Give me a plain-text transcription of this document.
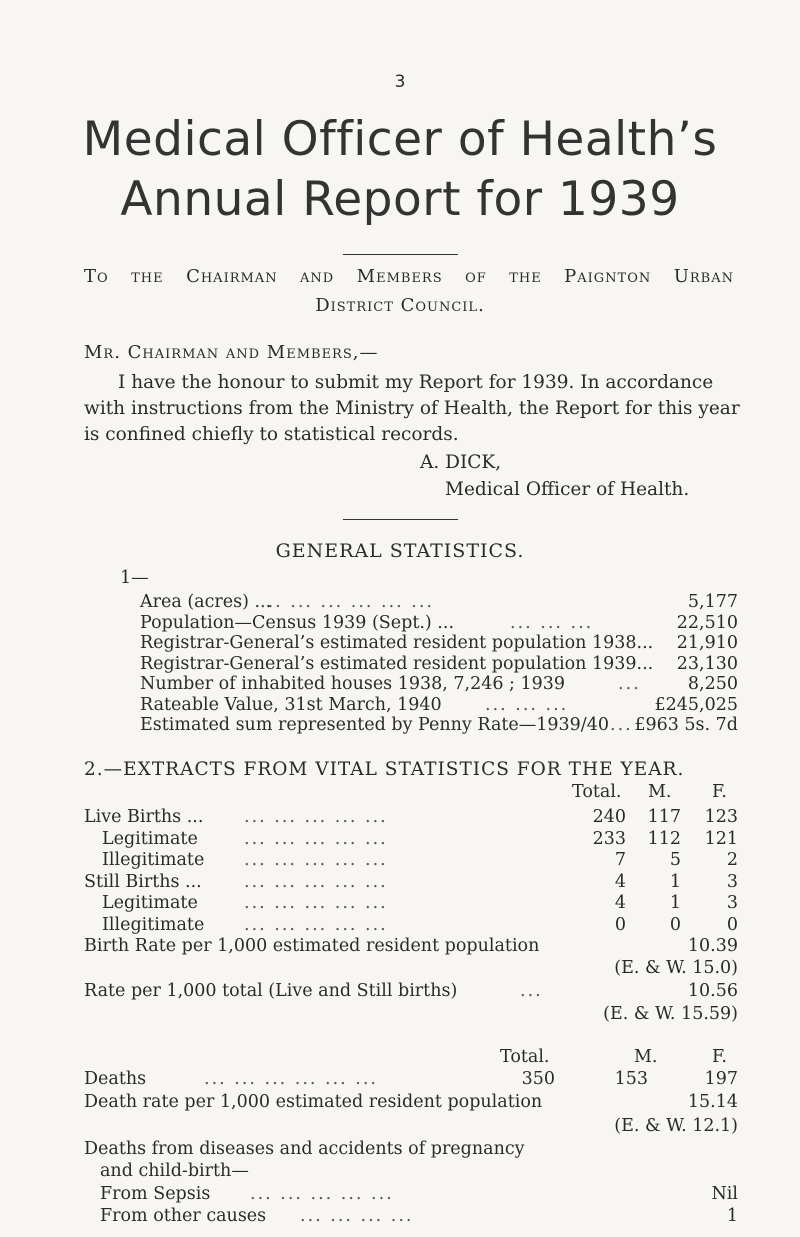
3
Medical Officer of Health’s
Annual Report for 1939
To the Chairman and Members of the Paignton Urban
District Council.
Mr. Chairman and Members,—
I have the honour to submit my Report for 1939. In accordance
with instructions from the Ministry of Health, the Report for this year
is confined chiefly to statistical records.
A. DICK,
Medical Officer of Health.
GENERAL STATISTICS.
1—
Area (acres) ...
... ... ... ... ... ...	5,177
Population—Census 1939 (Sept.) ...	... ... ...	22,510
Registrar-General’s estimated resident population 1938... 21,910
Registrar-General’s estimated resident population 1939... 23,130
Number of inhabited houses 1938, 7,246 ; 1939	...	8,250
Rateable Value, 31st March, 1940 ... ... ...	£245,025
Estimated sum represented by Penny Rate—1939/40 ... £963 5s. 7d
2.—EXTRACTS FROM VITAL STATISTICS FOR THE YEAR.
Total. M. F.
Live Births ... ... ... ... ... ...	240 117 123
Legitimate	... ... ... ... ...	233 112 121
Illegitimate ... ... ... ... ...	7	5	2
Still Births ... ... ... ... ... ...	4	1	3
Legitimate	... ... ... ... ...	4	1	3
Illegitimate ... ... ... ... ...	0	0	0
Birth Rate per 1,000 estimated resident population	10.39
(E. & W. 15.0)
Rate per 1,000 total (Live and Still births)	...	10.56
(E. & W. 15.59)
Total.	M.	F.
Deaths	... ... ... ... ... ...	350	153	197
Death rate per 1,000 estimated resident population	15.14
(E. & W. 12.1)
Deaths from diseases and accidents of pregnancy
and child-birth—
From Sepsis ... ... ... ... ...	Nil
From other causes ... ... ... ...	1
